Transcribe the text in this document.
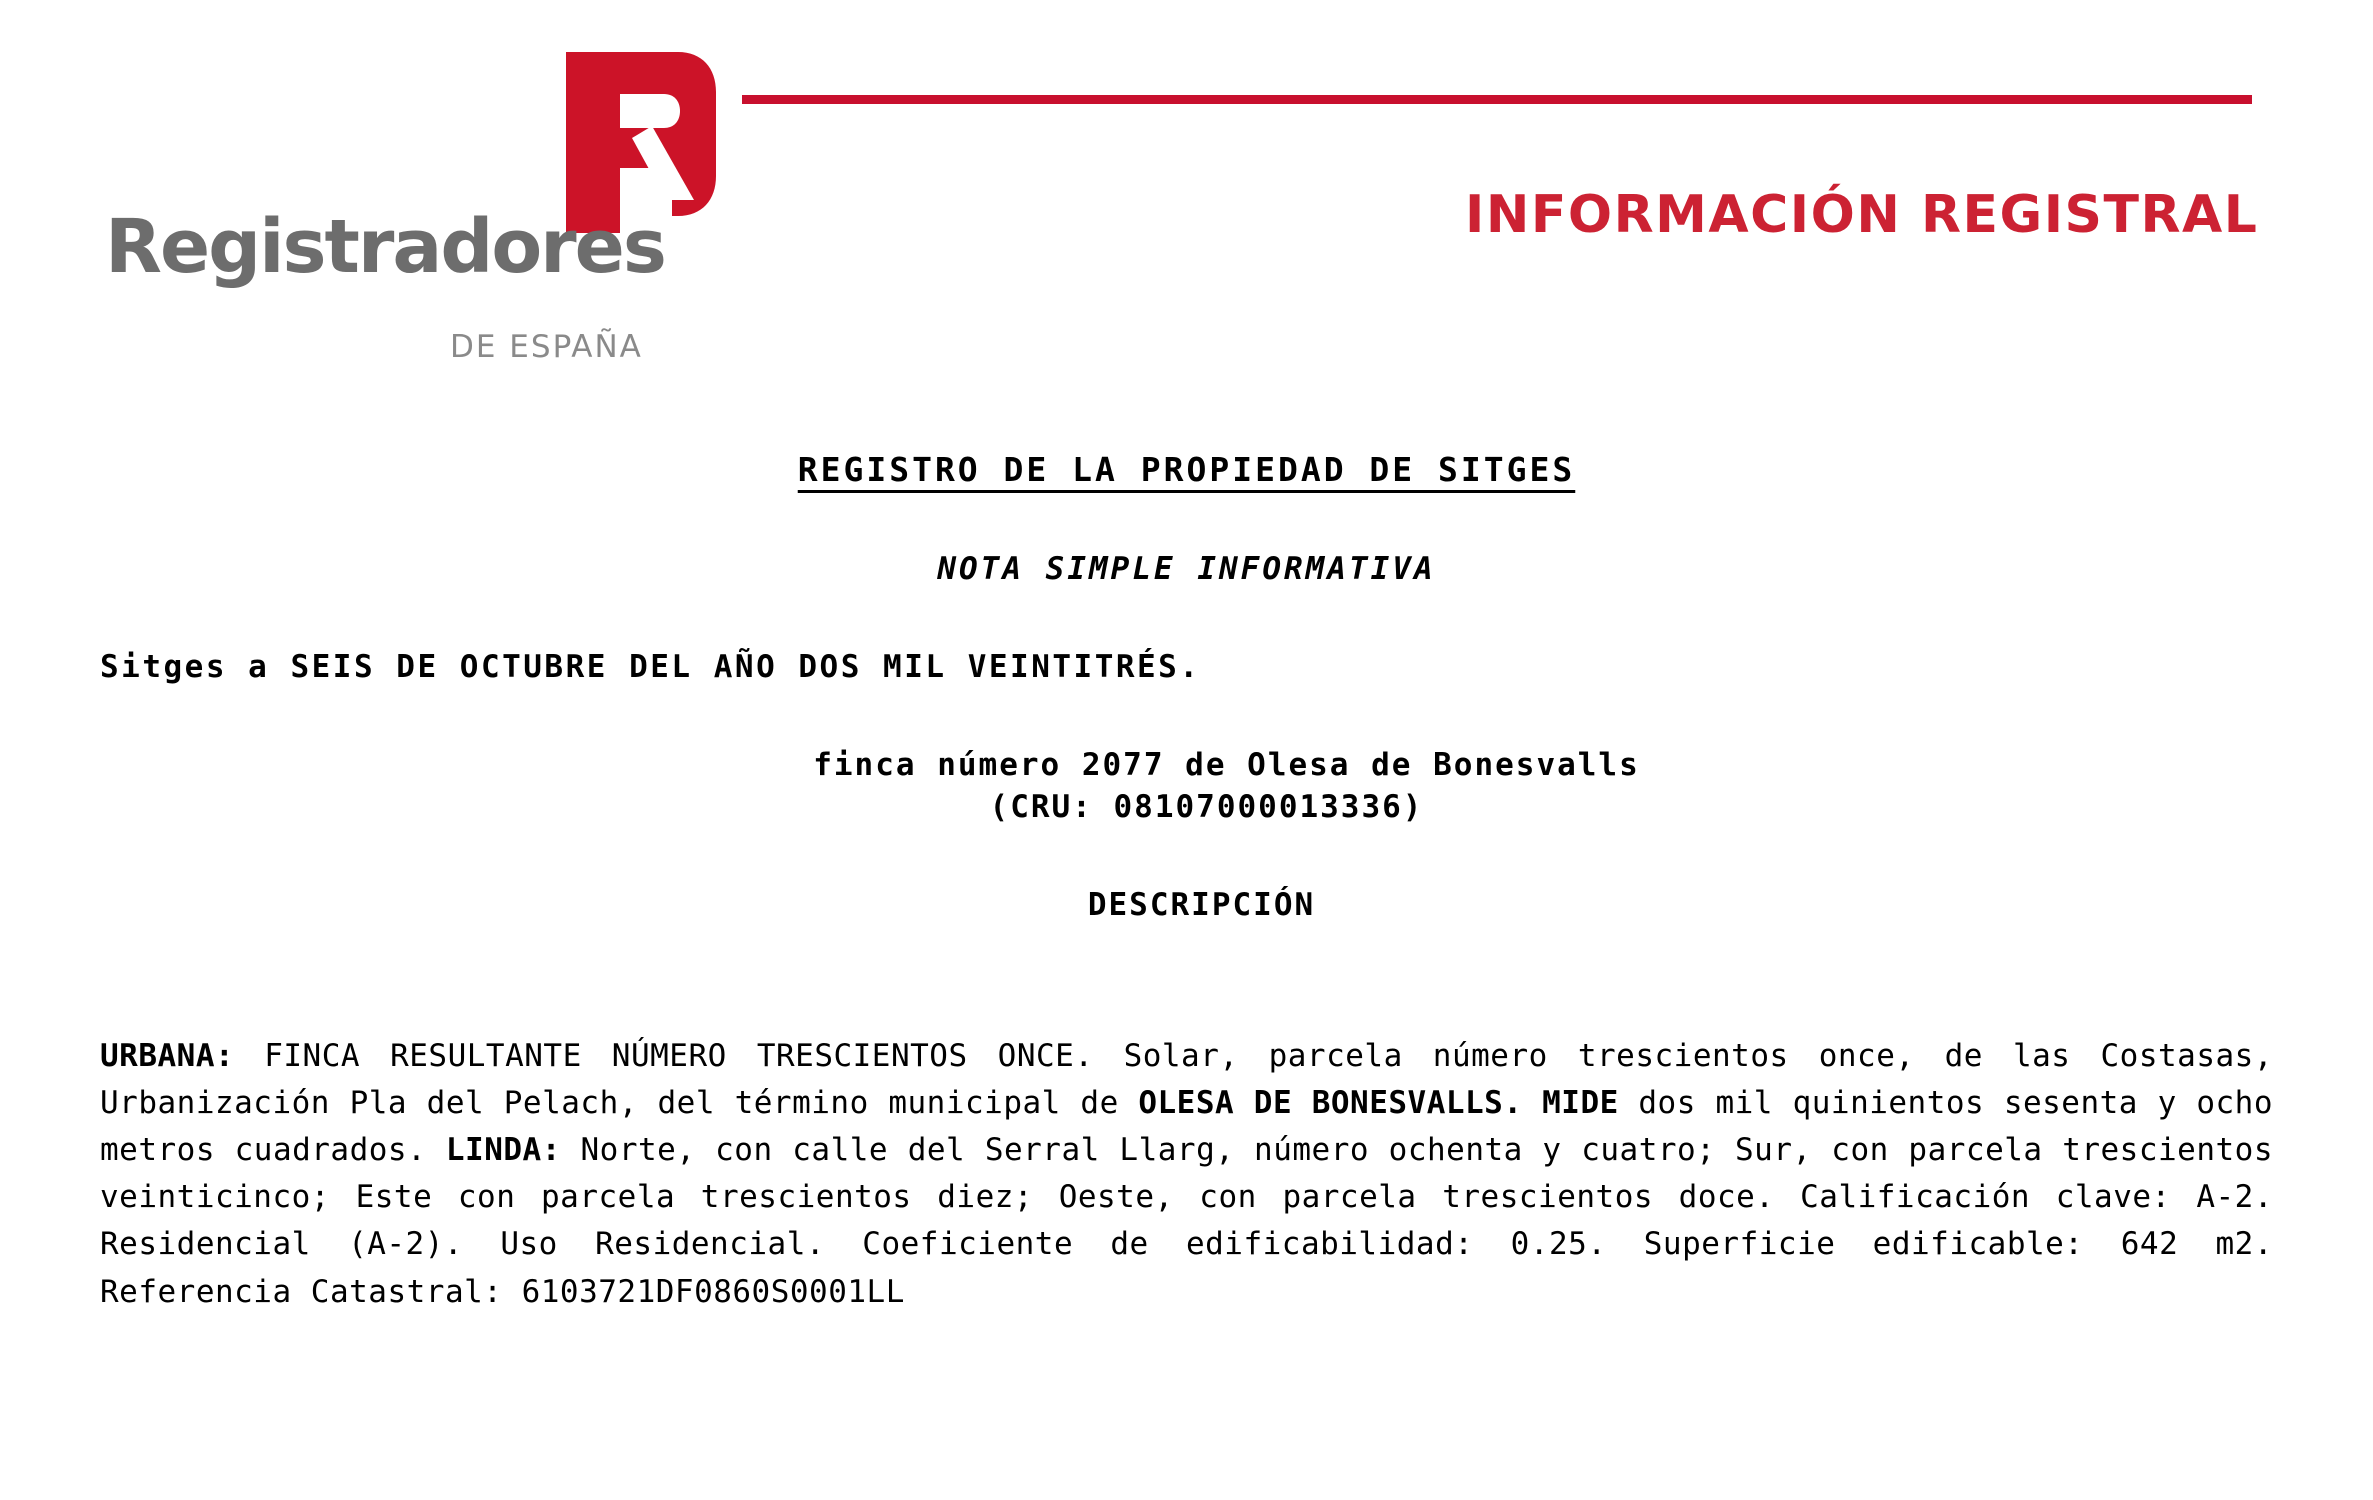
Registradores
DE ESPAÑA
INFORMACIÓN REGISTRAL
REGISTRO DE LA PROPIEDAD DE SITGES
NOTA SIMPLE INFORMATIVA
Sitges a SEIS DE OCTUBRE DEL AÑO DOS MIL VEINTITRÉS.
finca número 2077 de Olesa de Bonesvalls
(CRU: 08107000013336)
DESCRIPCIÓN
URBANA: FINCA RESULTANTE NÚMERO TRESCIENTOS ONCE. Solar, parcela número trescientos once, de las Costasas, Urbanización Pla del Pelach, del término municipal de OLESA DE BONESVALLS. MIDE dos mil quinientos sesenta y ocho metros cuadrados. LINDA: Norte, con calle del Serral Llarg, número ochenta y cuatro; Sur, con parcela trescientos veinticinco; Este con parcela trescientos diez; Oeste, con parcela trescientos doce. Calificación clave: A-2. Residencial (A-2). Uso Residencial. Coeficiente de edificabilidad: 0.25. Superficie edificable: 642 m2. Referencia Catastral: 6103721DF0860S0001LL
